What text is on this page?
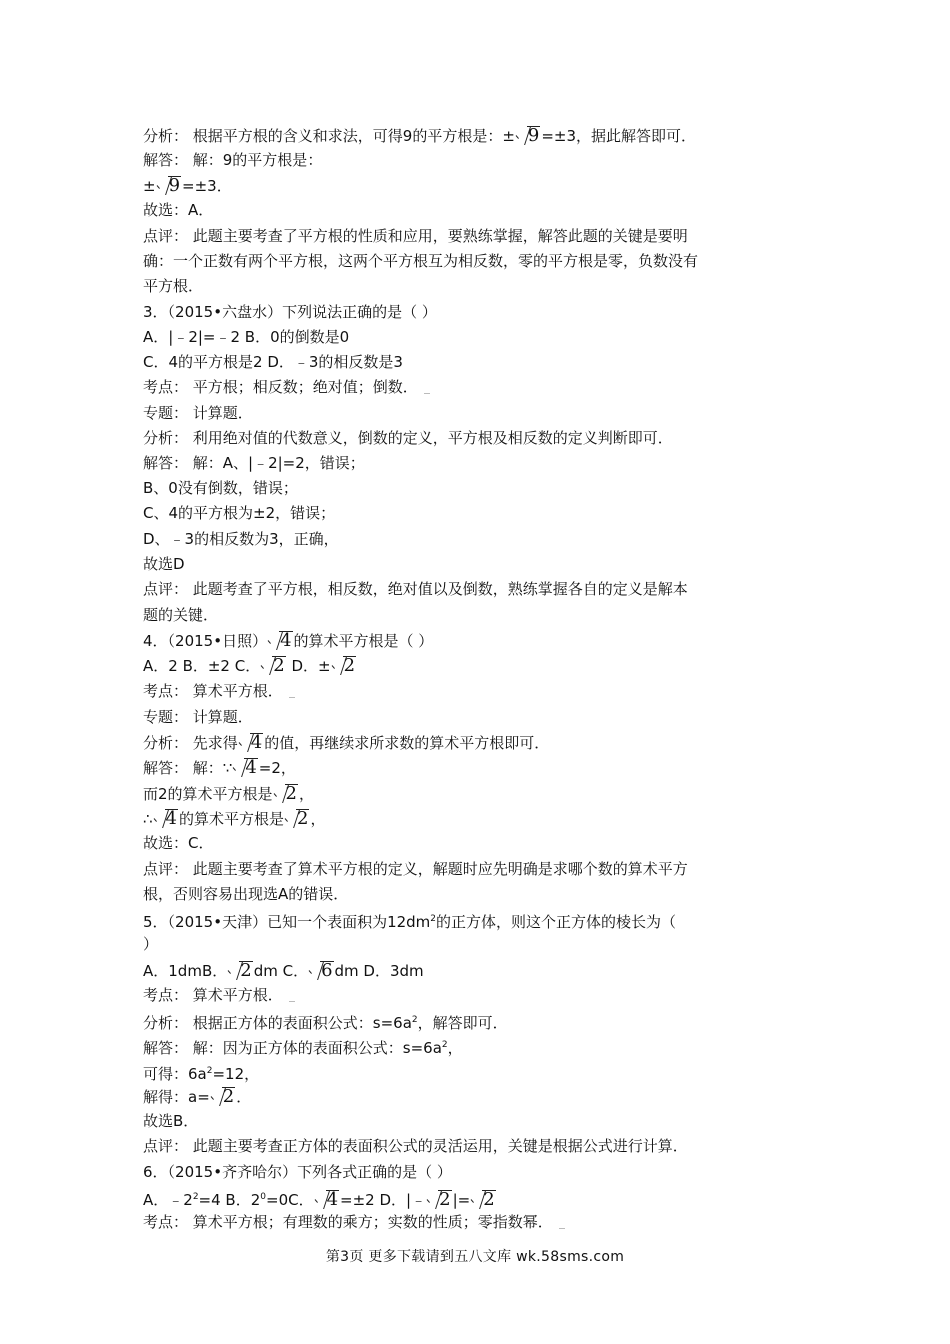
分析： 根据平方根的含义和求法，可得9的平方根是：± 9 =±3，据此解答即可．
解答： 解：9的平方根是：
± 9 =±3．
故选：A．
点评： 此题主要考查了平方根的性质和应用，要熟练掌握，解答此题的关键是要明
确：一个正数有两个平方根，这两个平方根互为相反数，零的平方根是零，负数没有
平方根．
3．（2015•六盘水）下列说法正确的是（ ）
A．|﹣2|=﹣2 B．0的倒数是0
C．4的平方根是2 D．﹣3的相反数是3
考点： 平方根；相反数；绝对值；倒数．
专题： 计算题．
分析： 利用绝对值的代数意义，倒数的定义，平方根及相反数的定义判断即可．
解答： 解：A、|﹣2|=2，错误；
B、0没有倒数，错误；
C、4的平方根为±2，错误；
D、﹣3的相反数为3，正确，
故选D
点评： 此题考查了平方根，相反数，绝对值以及倒数，熟练掌握各自的定义是解本
题的关键．
4．（2015•日照） 4 的算术平方根是（ ）
A．2 B．±2 C． 2 D．± 2
考点： 算术平方根．
专题： 计算题．
分析： 先求得 4 的值，再继续求所求数的算术平方根即可．
解答： 解：∵ 4 =2，
而2的算术平方根是 2 ，
∴ 4 的算术平方根是 2 ，
故选：C．
点评： 此题主要考查了算术平方根的定义，解题时应先明确是求哪个数的算术平方
根，否则容易出现选A的错误．
5．（2015•天津）已知一个表面积为$12dm^2$的正方体，则这个正方体的棱长为（
）
A．1dmB． 2 dm C． 6 dm D．3dm
考点： 算术平方根．
分析： 根据正方体的表面积公式：$s=6a^2$，解答即可．
解答： 解：因为正方体的表面积公式：$s=6a^2$，
可得：$6a^2=12$，
解得：a= 2 ．
故选B．
点评： 此题主要考查正方体的表面积公式的灵活运用，关键是根据公式进行计算．
6．（2015•齐齐哈尔）下列各式正确的是（ ）
A．$﹣2^2=4$ B．$2^0=0C$． 4 =±2 D．|﹣ 2 |= 2
考点： 算术平方根；有理数的乘方；实数的性质；零指数幂．
第3页 更多下载请到五八文库 wk.58sms.com
